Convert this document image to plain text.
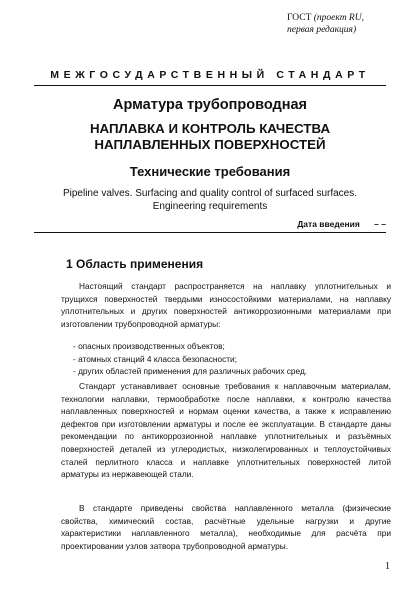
ГОСТ (проект RU,
первая редакция)
МЕЖГОСУДАРСТВЕННЫЙ СТАНДАРТ
Арматура трубопроводная
НАПЛАВКА И КОНТРОЛЬ КАЧЕСТВА
НАПЛАВЛЕННЫХ ПОВЕРХНОСТЕЙ
Технические требования
Pipeline valves. Surfacing and quality control of surfaced surfaces.
Engineering requirements
Дата введения – –
1 Область применения
Настоящий стандарт распространяется на наплавку уплотнительных и трущихся поверхностей твердыми износостойкими материалами, на наплавку уплотнительных и других поверхностей антикоррозионными материалами при изготовлении трубопроводной арматуры:
- опасных производственных объектов;
- атомных станций 4 класса безопасности;
- других областей применения для различных рабочих сред.
Стандарт устанавливает основные требования к наплавочным материалам, технологии наплавки, термообработке после наплавки, к контролю качества наплавленных поверхностей и нормам оценки качества, а также к исправлению дефектов при изготовлении арматуры и после ее эксплуатации. В стандарте даны рекомендации по антикоррозионной наплавке уплотнительных и разъёмных поверхностей деталей из углеродистых, низколегированных и теплоустойчивых сталей перлитного класса и наплавке уплотнительных поверхностей литой арматуры из нержавеющей стали.
В стандарте приведены свойства наплавленного металла (физические свойства, химический состав, расчётные удельные нагрузки и другие характеристики наплавленного металла), необходимые для расчёта при проектировании узлов затвора трубопроводной арматуры.
1
